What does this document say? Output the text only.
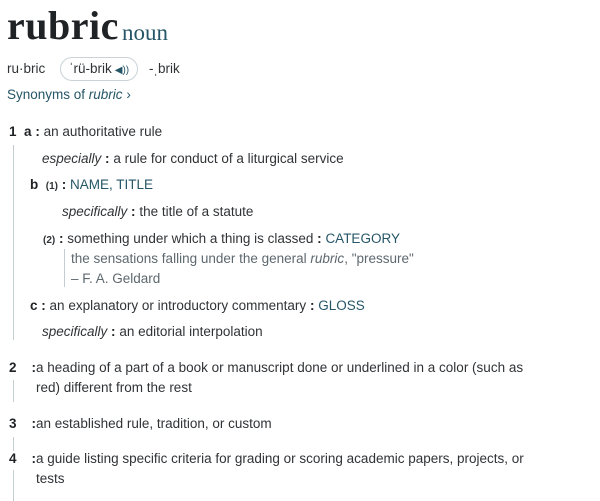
rubric noun
ru·bric	ˈrü-brik ◀))	-ˌbrik
Synonyms of rubric ›
1 a : an authoritative rule
especially : a rule for conduct of a liturgical service
b (1) : NAME, TITLE
specifically : the title of a statute
(2) : something under which a thing is classed : CATEGORY
the sensations falling under the general rubric, "pressure"
– F. A. Geldard
c : an explanatory or introductory commentary : GLOSS
specifically : an editorial interpolation
2 :a heading of a part of a book or manuscript done or underlined in a color (such as
red) different from the rest
3 :an established rule, tradition, or custom
4 :a guide listing specific criteria for grading or scoring academic papers, projects, or
tests
